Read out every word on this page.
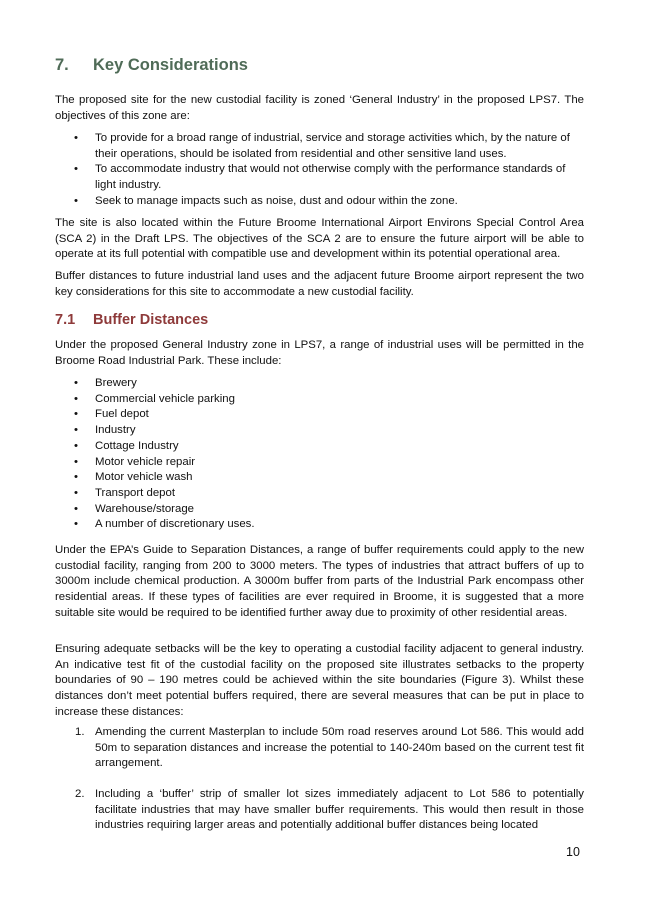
7. Key Considerations

The proposed site for the new custodial facility is zoned ‘General Industry’ in the proposed LPS7. The objectives of this zone are:

• To provide for a broad range of industrial, service and storage activities which, by the nature of their operations, should be isolated from residential and other sensitive land uses.
• To accommodate industry that would not otherwise comply with the performance standards of light industry.
• Seek to manage impacts such as noise, dust and odour within the zone.

The site is also located within the Future Broome International Airport Environs Special Control Area (SCA 2) in the Draft LPS. The objectives of the SCA 2 are to ensure the future airport will be able to operate at its full potential with compatible use and development within its potential operational area.

Buffer distances to future industrial land uses and the adjacent future Broome airport represent the two key considerations for this site to accommodate a new custodial facility.

7.1 Buffer Distances

Under the proposed General Industry zone in LPS7, a range of industrial uses will be permitted in the Broome Road Industrial Park. These include:

• Brewery
• Commercial vehicle parking
• Fuel depot
• Industry
• Cottage Industry
• Motor vehicle repair
• Motor vehicle wash
• Transport depot
• Warehouse/storage
• A number of discretionary uses.

Under the EPA’s Guide to Separation Distances, a range of buffer requirements could apply to the new custodial facility, ranging from 200 to 3000 meters. The types of industries that attract buffers of up to 3000m include chemical production. A 3000m buffer from parts of the Industrial Park encompass other residential areas. If these types of facilities are ever required in Broome, it is suggested that a more suitable site would be required to be identified further away due to proximity of other residential areas.

Ensuring adequate setbacks will be the key to operating a custodial facility adjacent to general industry. An indicative test fit of the custodial facility on the proposed site illustrates setbacks to the property boundaries of 90 – 190 metres could be achieved within the site boundaries (Figure 3). Whilst these distances don’t meet potential buffers required, there are several measures that can be put in place to increase these distances:

1. Amending the current Masterplan to include 50m road reserves around Lot 586. This would add 50m to separation distances and increase the potential to 140-240m based on the current test fit arrangement.
2. Including a ‘buffer’ strip of smaller lot sizes immediately adjacent to Lot 586 to potentially facilitate industries that may have smaller buffer requirements. This would then result in those industries requiring larger areas and potentially additional buffer distances being located
10
